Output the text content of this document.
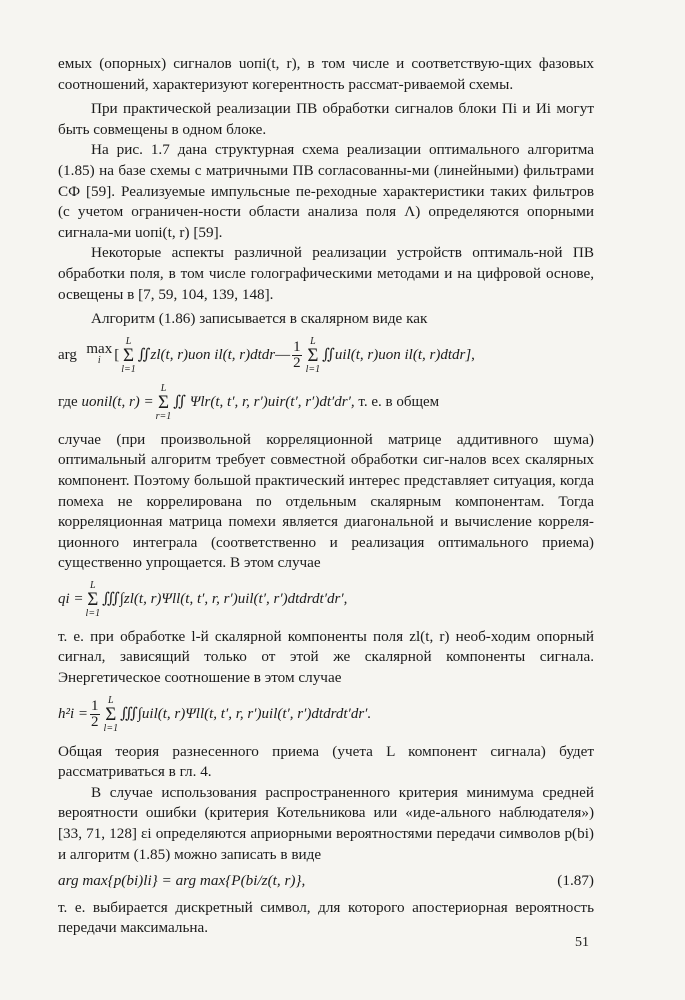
емых (опорных) сигналов uопi(t, r), в том числе и соответствую-щих фазовых соотношений, характеризуют когерентность рассмат-риваемой схемы.

При практической реализации ПВ обработки сигналов блоки Пi и Иi могут быть совмещены в одном блоке.

На рис. 1.7 дана структурная схема реализации оптимального алгоритма (1.85) на базе схемы с матричными ПВ согласованны-ми (линейными) фильтрами СФ [59]. Реализуемые импульсные пе-реходные характеристики таких фильтров (с учетом ограничен-ности области анализа поля Λ) определяются опорными сигнала-ми uопi(t, r) [59].

Некоторые аспекты различной реализации устройств оптималь-ной ПВ обработки поля, в том числе голографическими методами и на цифровой основе, освещены в [7, 59, 104, 139, 148].

Алгоритм (1.86) записывается в скалярном виде как

arg
max
i [
L
Σ
l=1
∬zl(t, r)uоп il(t, r)dtdr — $\frac{1}{2}$ L
Σ
l=1
∬uil(t, r)uоп il(t, r)dtdr],
где
uопil(t, r) =
L
Σ
r=1
∬ Ψlr(t, t′, r, r′)uir(t′, r′)dt′dr′,
т. е. в общем

случае (при произвольной корреляционной матрице аддитивного шума) оптимальный алгоритм требует совместной обработки сиг-налов всех скалярных компонент. Поэтому большой практический интерес представляет ситуация, когда помеха не коррелирована по отдельным скалярным компонентам. Тогда корреляционная матрица помехи является диагональной и вычисление корреля-ционного интеграла (соответственно и реализация оптимального приема) существенно упрощается. В этом случае

qi =
L
Σ
l=1
∭∫zl(t, r)Ψll(t, t′, r, r′)uil(t′, r′)dtdrdt′dr′,

т. е. при обработке l-й скалярной компоненты поля zl(t, r) необ-ходим опорный сигнал, зависящий только от этой же скалярной компоненты сигнала. Энергетическое соотношение в этом случае

$h^2i = \frac{1}{2}$ L
Σ
l=1
∭∫uil(t, r)Ψll(t, t′, r, r′)uil(t′, r′)dtdrdt′dr′.

Общая теория разнесенного приема (учета L компонент сигнала) будет рассматриваться в гл. 4.

В случае использования распространенного критерия минимума средней вероятности ошибки (критерия Котельникова или «иде-ального наблюдателя») [33, 71, 128] εi определяются априорными вероятностями передачи символов p(bi) и алгоритм (1.85) можно записать в виде

arg max{p(bi)li} = arg max{P(bi/z(t, r)},	(1.87)

т. е. выбирается дискретный символ, для которого апостериорная вероятность передачи максимальна.

51
